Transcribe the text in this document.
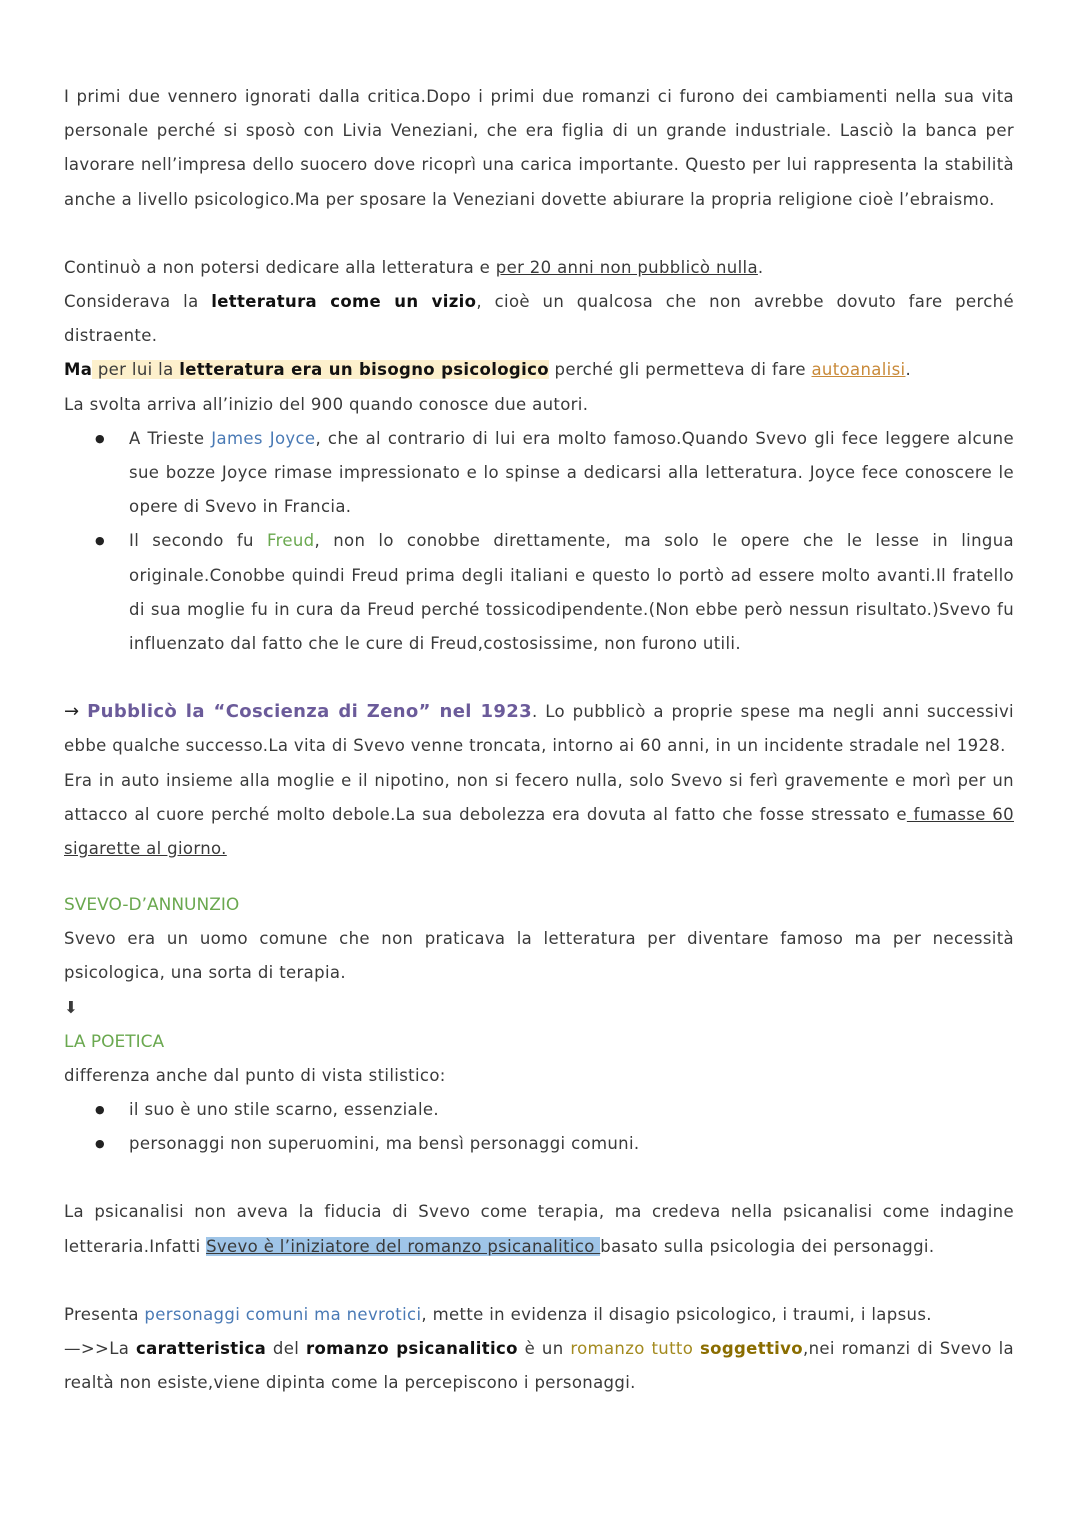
I primi due vennero ignorati dalla critica.Dopo i primi due romanzi ci furono dei cambiamenti nella sua vita personale perché si sposò con Livia Veneziani, che era figlia di un grande industriale. Lasciò la banca per lavorare nell’impresa dello suocero dove ricoprì una carica importante. Questo per lui rappresenta la stabilità anche a livello psicologico.Ma per sposare la Veneziani dovette abiurare la propria religione cioè l’ebraismo.

Continuò a non potersi dedicare alla letteratura e per 20 anni non pubblicò nulla.

Considerava la letteratura come un vizio, cioè un qualcosa che non avrebbe dovuto fare perché distraente.

Ma per lui la letteratura era un bisogno psicologico perché gli permetteva di fare autoanalisi.

La svolta arriva all’inizio del 900 quando conosce due autori.

● A Trieste James Joyce, che al contrario di lui era molto famoso.Quando Svevo gli fece leggere alcune sue bozze Joyce rimase impressionato e lo spinse a dedicarsi alla letteratura. Joyce fece conoscere le opere di Svevo in Francia.
● Il secondo fu Freud, non lo conobbe direttamente, ma solo le opere che le lesse in lingua originale.Conobbe quindi Freud prima degli italiani e questo lo portò ad essere molto avanti.Il fratello di sua moglie fu in cura da Freud perché tossicodipendente.(Non ebbe però nessun risultato.)Svevo fu influenzato dal fatto che le cure di Freud,costosissime, non furono utili.

→ Pubblicò la “Coscienza di Zeno” nel 1923. Lo pubblicò a proprie spese ma negli anni successivi ebbe qualche successo.La vita di Svevo venne troncata, intorno ai 60 anni, in un incidente stradale nel 1928.

Era in auto insieme alla moglie e il nipotino, non si fecero nulla, solo Svevo si ferì gravemente e morì per un attacco al cuore perché molto debole.La sua debolezza era dovuta al fatto che fosse stressato e fumasse 60 sigarette al giorno.

SVEVO-D’ANNUNZIO

Svevo era un uomo comune che non praticava la letteratura per diventare famoso ma per necessità psicologica, una sorta di terapia.

⬇

LA POETICA

differenza anche dal punto di vista stilistico:

● il suo è uno stile scarno, essenziale.
● personaggi non superuomini, ma bensì personaggi comuni.

La psicanalisi non aveva la fiducia di Svevo come terapia, ma credeva nella psicanalisi come indagine letteraria.Infatti Svevo è l’iniziatore del romanzo psicanalitico basato sulla psicologia dei personaggi.

Presenta personaggi comuni ma nevrotici, mette in evidenza il disagio psicologico, i traumi, i lapsus.

—>>La caratteristica del romanzo psicanalitico è un romanzo tutto soggettivo,nei romanzi di Svevo la realtà non esiste,viene dipinta come la percepiscono i personaggi.
